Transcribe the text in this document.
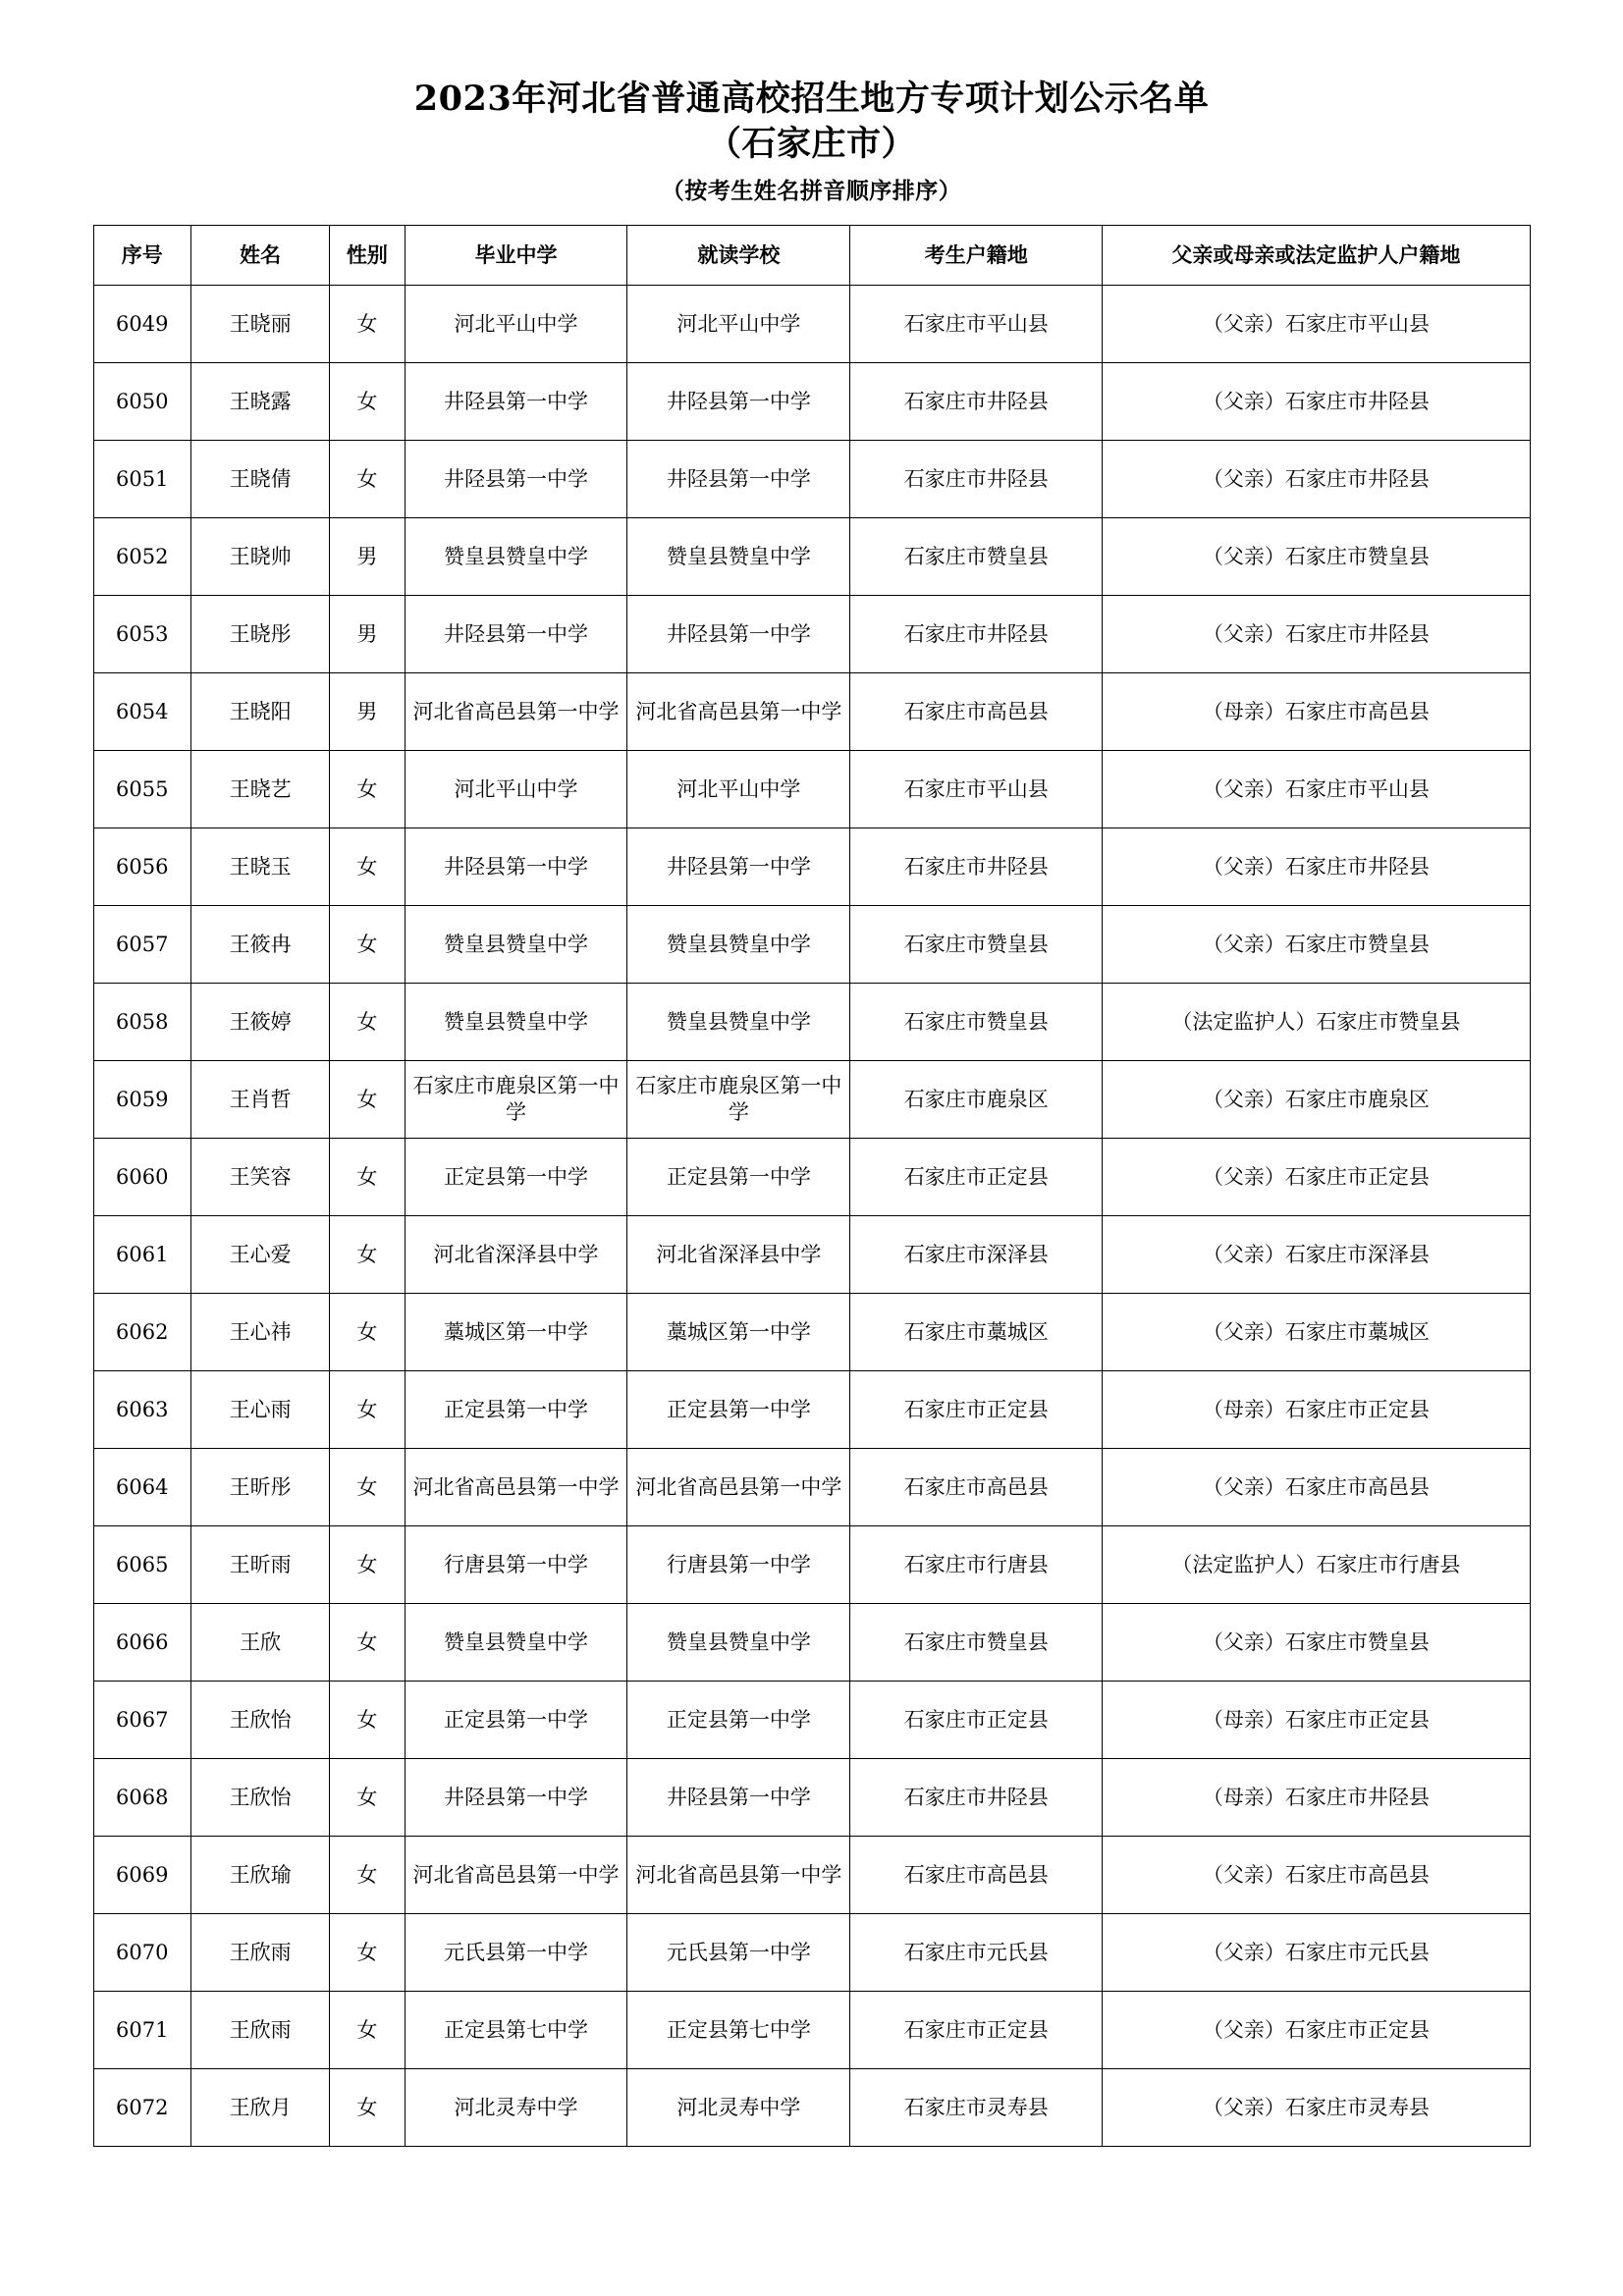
2023年河北省普通高校招生地方专项计划公示名单
（石家庄市）
（按考生姓名拼音顺序排序）
序号	姓名	性别	毕业中学	就读学校	考生户籍地	父亲或母亲或法定监护人户籍地
6049	王晓丽	女	河北平山中学	河北平山中学	石家庄市平山县	（父亲）石家庄市平山县
6050	王晓露	女	井陉县第一中学	井陉县第一中学	石家庄市井陉县	（父亲）石家庄市井陉县
6051	王晓倩	女	井陉县第一中学	井陉县第一中学	石家庄市井陉县	（父亲）石家庄市井陉县
6052	王晓帅	男	赞皇县赞皇中学	赞皇县赞皇中学	石家庄市赞皇县	（父亲）石家庄市赞皇县
6053	王晓彤	男	井陉县第一中学	井陉县第一中学	石家庄市井陉县	（父亲）石家庄市井陉县
6054	王晓阳	男	河北省高邑县第一中学	河北省高邑县第一中学	石家庄市高邑县	（母亲）石家庄市高邑县
6055	王晓艺	女	河北平山中学	河北平山中学	石家庄市平山县	（父亲）石家庄市平山县
6056	王晓玉	女	井陉县第一中学	井陉县第一中学	石家庄市井陉县	（父亲）石家庄市井陉县
6057	王筱冉	女	赞皇县赞皇中学	赞皇县赞皇中学	石家庄市赞皇县	（父亲）石家庄市赞皇县
6058	王筱婷	女	赞皇县赞皇中学	赞皇县赞皇中学	石家庄市赞皇县	（法定监护人）石家庄市赞皇县
6059	王肖哲	女	石家庄市鹿泉区第一中学	石家庄市鹿泉区第一中学	石家庄市鹿泉区	（父亲）石家庄市鹿泉区
6060	王笑容	女	正定县第一中学	正定县第一中学	石家庄市正定县	（父亲）石家庄市正定县
6061	王心爱	女	河北省深泽县中学	河北省深泽县中学	石家庄市深泽县	（父亲）石家庄市深泽县
6062	王心祎	女	藁城区第一中学	藁城区第一中学	石家庄市藁城区	（父亲）石家庄市藁城区
6063	王心雨	女	正定县第一中学	正定县第一中学	石家庄市正定县	（母亲）石家庄市正定县
6064	王昕彤	女	河北省高邑县第一中学	河北省高邑县第一中学	石家庄市高邑县	（父亲）石家庄市高邑县
6065	王昕雨	女	行唐县第一中学	行唐县第一中学	石家庄市行唐县	（法定监护人）石家庄市行唐县
6066	王欣	女	赞皇县赞皇中学	赞皇县赞皇中学	石家庄市赞皇县	（父亲）石家庄市赞皇县
6067	王欣怡	女	正定县第一中学	正定县第一中学	石家庄市正定县	（母亲）石家庄市正定县
6068	王欣怡	女	井陉县第一中学	井陉县第一中学	石家庄市井陉县	（母亲）石家庄市井陉县
6069	王欣瑜	女	河北省高邑县第一中学	河北省高邑县第一中学	石家庄市高邑县	（父亲）石家庄市高邑县
6070	王欣雨	女	元氏县第一中学	元氏县第一中学	石家庄市元氏县	（父亲）石家庄市元氏县
6071	王欣雨	女	正定县第七中学	正定县第七中学	石家庄市正定县	（父亲）石家庄市正定县
6072	王欣月	女	河北灵寿中学	河北灵寿中学	石家庄市灵寿县	（父亲）石家庄市灵寿县
